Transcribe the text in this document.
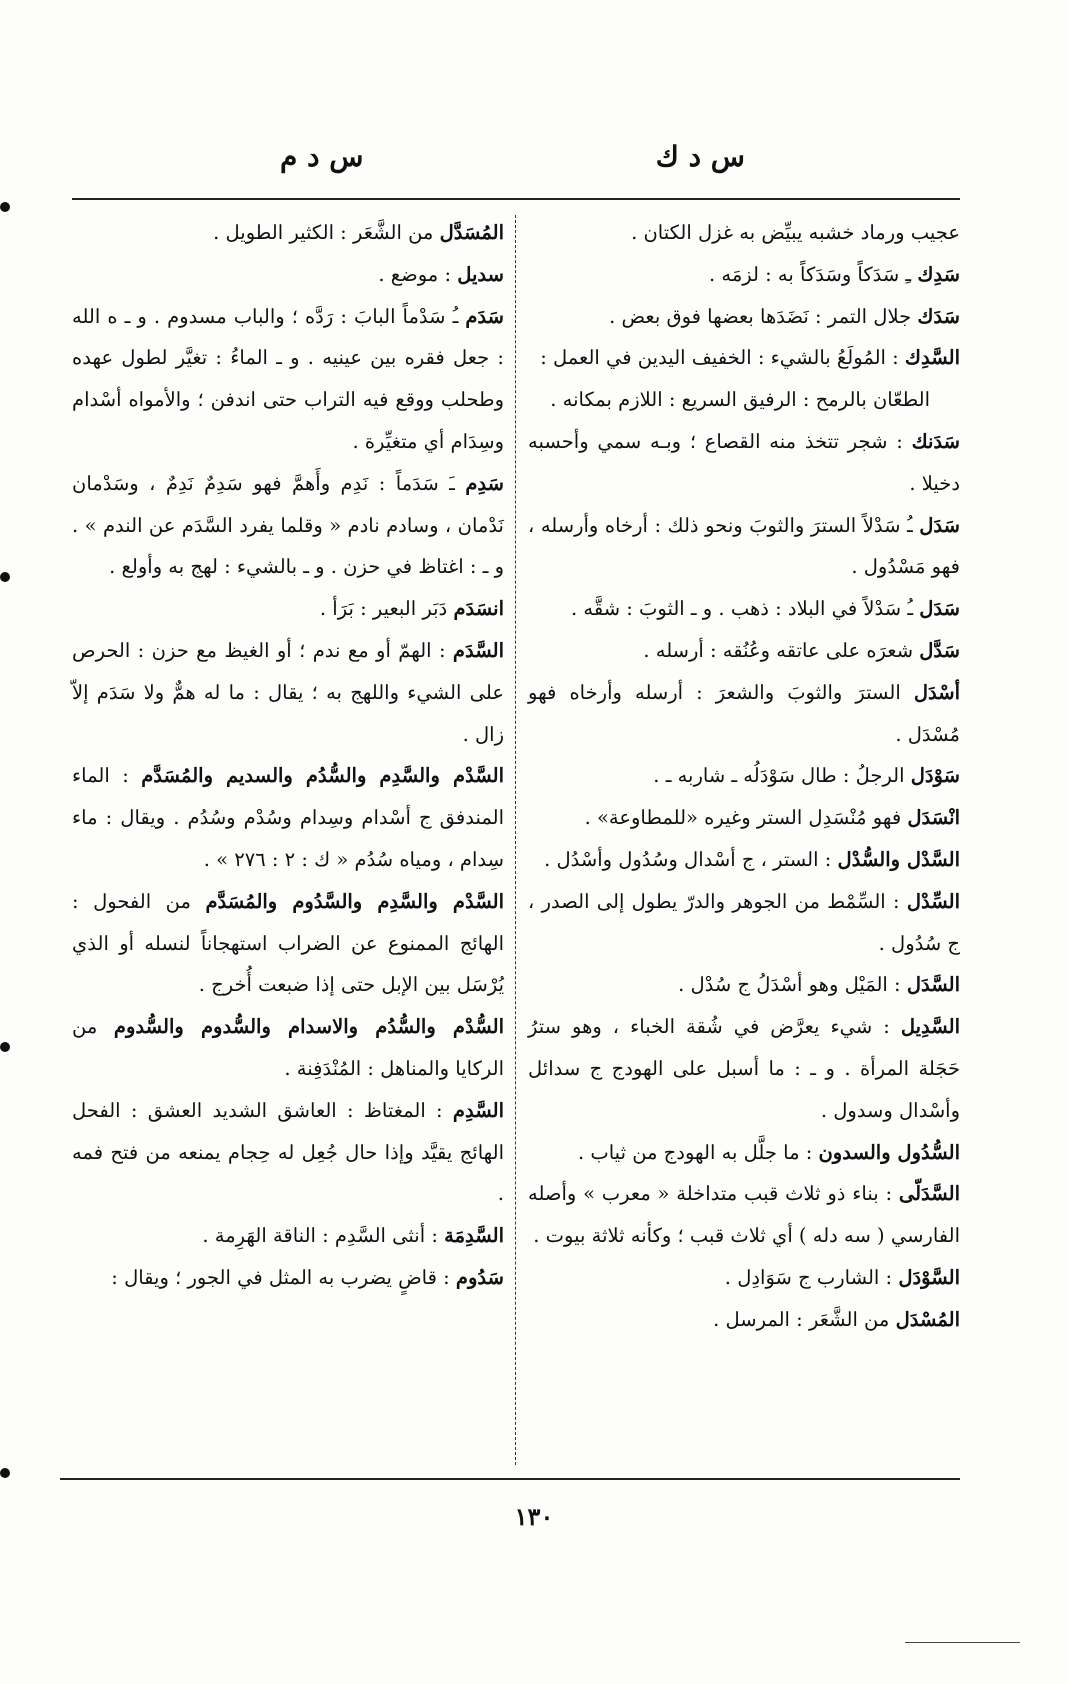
س د ك
س د م

عجيب ورماد خشبه يبيِّض به غزل الكتان .

سَدِك ـِ سَدَكاً وسَدَكاً به : لزمَه .

سَدَك جلال التمر : نَضَدَها بعضها فوق بعض .

السَّدِك : المُولَعُ بالشيء : الخفيف اليدين في العمل :

الطعّان بالرمح : الرفيق السريع : اللازم بمكانه .

سَدَنك : شجر تتخذ منه القصاع ؛ وبـه سمي وأحسبه دخيلا .

سَدَل ـُ سَدْلاً السترَ والثوبَ ونحو ذلك : أرخاه وأرسله ، فهو مَسْدُول .

سَدَل ـُ سَدْلاً في البلاد : ذهب . و ـ الثوبَ : شقَّه .

سَدَّل شعرَه على عاتقه وعُنُقه : أرسله .

أسْدَل السترَ والثوبَ والشعرَ : أرسله وأرخاه فهو مُسْدَل .

سَوْدَل الرجلُ : طال سَوْدَلُه ـ شاربه ـ .

انْسَدَل فهو مُنْسَدِل الستر وغيره «للمطاوعة» .

السَّدْل والسُّدْل : الستر ، ج أسْدال وسُدُول وأسْدُل .

السِّدْل : السِّمْط من الجوهر والدرّ يطول إلى الصدر ، ج سُدُول .

السَّدَل : المَيْل وهو أسْدَلُ ج سُدْل .

السَّدِيل : شيء يعرَّض في شُقة الخباء ، وهو سترُ حَجَلة المرأة . و ـ : ما أسبل على الهودج ج سدائل وأسْدال وسدول .

السُّدُول والسدون : ما جلَّل به الهودج من ثياب .

السَّدَلّى : بناء ذو ثلاث قبب متداخلة « معرب » وأصله الفارسي ( سه دله ) أي ثلاث قبب ؛ وكأنه ثلاثة بيوت .

السَّوْدَل : الشارب ج سَوَادِل .

المُسْدَل من الشَّعَر : المرسل .

المُسَدَّل من الشَّعَر : الكثير الطويل .

سديل : موضع .

سَدَم ـُ سَدْماً البابَ : رَدَّه ؛ والباب مسدوم . و ـ ه الله : جعل فقره بين عينيه . و ـ الماءُ : تغيَّر لطول عهده وطحلب ووقع فيه التراب حتى اندفن ؛ والأمواه أسْدام وسِدَام أي متغيِّرة .

سَدِم ـَ سَدَماً : نَدِم وأَهمَّ فهو سَدِمٌ نَدِمٌ ، وسَدْمان نَدْمان ، وسادم نادم « وقلما يفرد السَّدَم عن الندم » . و ـ : اغتاظ في حزن . و ـ بالشيء : لهج به وأولع .

انسَدَم دَبَر البعير : بَرَأ .

السَّدَم : الهمّ أو مع ندم ؛ أو الغيظ مع حزن : الحرص على الشيء واللهج به ؛ يقال : ما له همٌّ ولا سَدَم إلاّ زال .

السَّدْم والسَّدِم والسُّدُم والسديم والمُسَدَّم : الماء المندفق ج أسْدام وسِدام وسُدْم وسُدُم . ويقال : ماء سِدام ، ومياه سُدُم « ك : ٢ : ٢٧٦ » .

السَّدْم والسَّدِم والسَّدُوم والمُسَدَّم من الفحول : الهائج الممنوع عن الضراب استهجاناً لنسله أو الذي يُرْسَل بين الإبل حتى إذا ضبعت أُخرج .

السُّدْم والسُّدُم والاسدام والسُّدوم والسُّدوم من الركايا والمناهل : المُنْدَفِنة .

السَّدِم : المغتاظ : العاشق الشديد العشق : الفحل الهائج يقيَّد وإذا حال جُعِل له حِجام يمنعه من فتح فمه .

السَّدِمَة : أنثى السَّدِم : الناقة الهَرِمة .

سَدُوم : قاضٍ يضرب به المثل في الجور ؛ ويقال :

١٣٠
